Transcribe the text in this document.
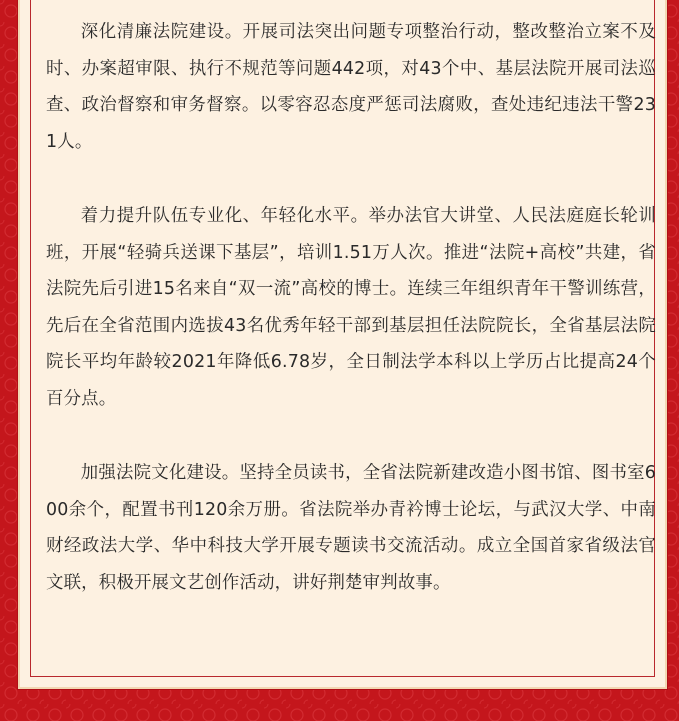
深化清廉法院建设。开展司法突出问题专项整治行动，整改整治立案不及时、办案超审限、执行不规范等问题442项，对43个中、基层法院开展司法巡查、政治督察和审务督察。以零容忍态度严惩司法腐败，查处违纪违法干警231人。

着力提升队伍专业化、年轻化水平。举办法官大讲堂、人民法庭庭长轮训班，开展“轻骑兵送课下基层”，培训1.51万人次。推进“法院+高校”共建，省法院先后引进15名来自“双一流”高校的博士。连续三年组织青年干警训练营，先后在全省范围内选拔43名优秀年轻干部到基层担任法院院长，全省基层法院院长平均年龄较2021年降低6.78岁，全日制法学本科以上学历占比提高24个百分点。

加强法院文化建设。坚持全员读书，全省法院新建改造小图书馆、图书室600余个，配置书刊120余万册。省法院举办青衿博士论坛，与武汉大学、中南财经政法大学、华中科技大学开展专题读书交流活动。成立全国首家省级法官文联，积极开展文艺创作活动，讲好荆楚审判故事。
